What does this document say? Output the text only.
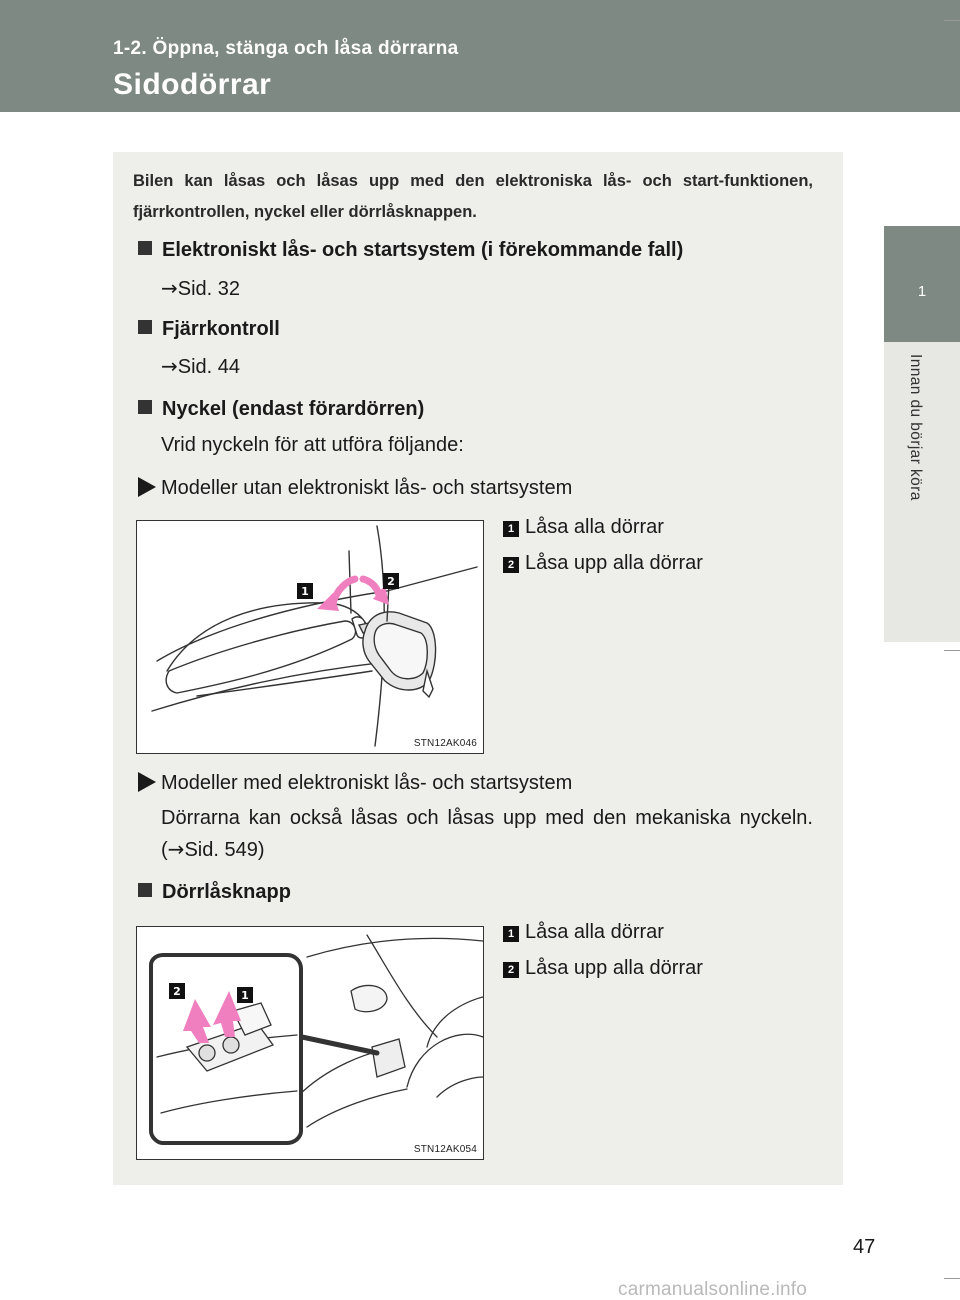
1-2. Öppna, stänga och låsa dörrarna
Sidodörrar
1
Innan du börjar köra
Bilen kan låsas och låsas upp med den elektroniska lås- och start-funktionen, fjärrkontrollen, nyckel eller dörrlåsknappen.
Elektroniskt lås- och startsystem (i förekommande fall)
→Sid. 32
Fjärrkontroll
→Sid. 44
Nyckel (endast förardörren)
Vrid nyckeln för att utföra följande:
Modeller utan elektroniskt lås- och startsystem
1 Låsa alla dörrar
2 Låsa upp alla dörrar
1
2
STN12AK046
Modeller med elektroniskt lås- och startsystem
Dörrarna kan också låsas och låsas upp med den mekaniska nyckeln. (→Sid. 549)
Dörrlåsknapp
1 Låsa alla dörrar
2 Låsa upp alla dörrar
2	1
STN12AK054
47
carmanualsonline.info
